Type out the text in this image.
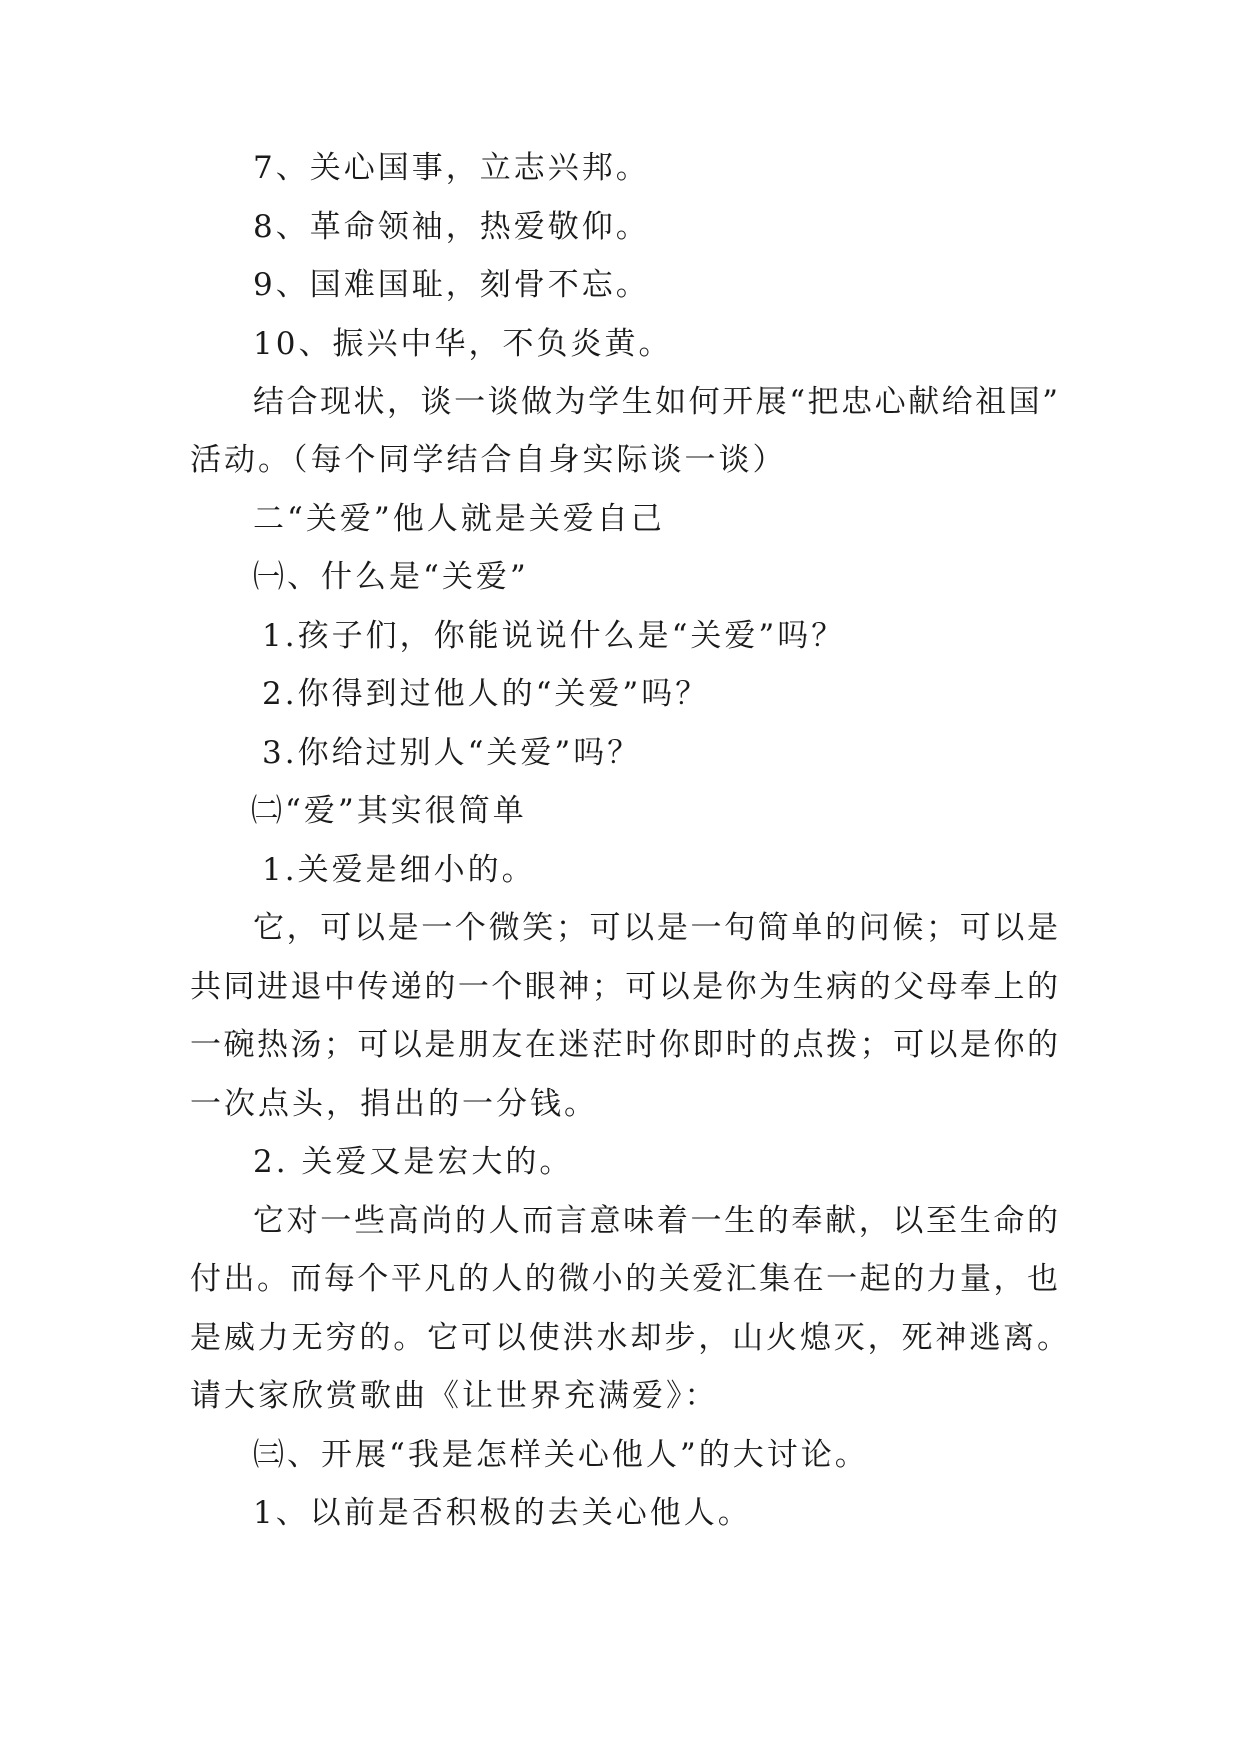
7、关心国事，立志兴邦。
8、革命领袖，热爱敬仰。
9、国难国耻，刻骨不忘。
10、振兴中华，不负炎黄。
结合现状，谈一谈做为学生如何开展“把忠心献给祖国”
活动。（每个同学结合自身实际谈一谈）
二“关爱”他人就是关爱自己
㈠、什么是“关爱”
1.孩子们，你能说说什么是“关爱”吗？
2.你得到过他人的“关爱”吗？
3.你给过别人“关爱”吗？
㈡“爱”其实很简单
1.关爱是细小的。
它，可以是一个微笑；可以是一句简单的问候；可以是
共同进退中传递的一个眼神；可以是你为生病的父母奉上的
一碗热汤；可以是朋友在迷茫时你即时的点拨；可以是你的
一次点头，捐出的一分钱。
2. 关爱又是宏大的。
它对一些高尚的人而言意味着一生的奉献，以至生命的
付出。而每个平凡的人的微小的关爱汇集在一起的力量，也
是威力无穷的。它可以使洪水却步，山火熄灭，死神逃离。
请大家欣赏歌曲《让世界充满爱》：
㈢、开展“我是怎样关心他人”的大讨论。
1、以前是否积极的去关心他人。
